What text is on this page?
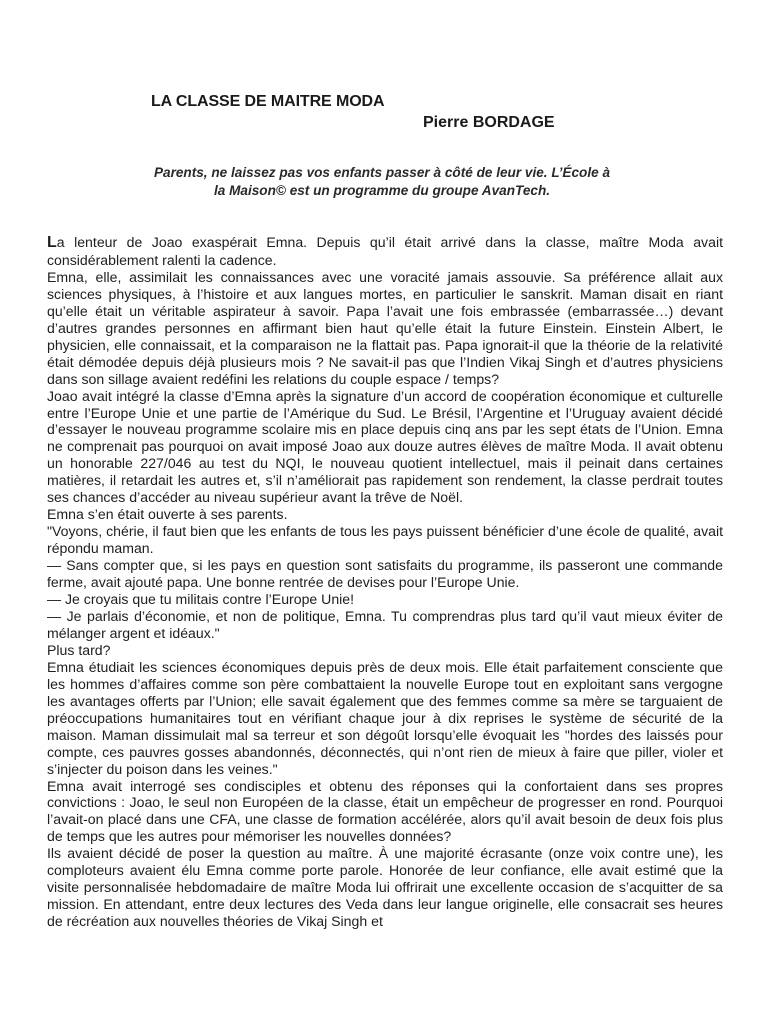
LA CLASSE DE MAITRE MODA
Pierre BORDAGE

Parents, ne laissez pas vos enfants passer à côté de leur vie. L’École à la Maison© est un programme du groupe AvanTech.

La lenteur de Joao exaspérait Emna. Depuis qu’il était arrivé dans la classe, maître Moda avait considérablement ralenti la cadence.

Emna, elle, assimilait les connaissances avec une voracité jamais assouvie. Sa préférence allait aux sciences physiques, à l’histoire et aux langues mortes, en particulier le sanskrit. Maman disait en riant qu’elle était un véritable aspirateur à savoir. Papa l’avait une fois embrassée (embarrassée…) devant d’autres grandes personnes en affirmant bien haut qu’elle était la future Einstein. Einstein Albert, le physicien, elle connaissait, et la comparaison ne la flattait pas. Papa ignorait-il que la théorie de la relativité était démodée depuis déjà plusieurs mois ? Ne savait-il pas que l’Indien Vikaj Singh et d’autres physiciens dans son sillage avaient redéfini les relations du couple espace / temps?

Joao avait intégré la classe d’Emna après la signature d’un accord de coopération économique et culturelle entre l’Europe Unie et une partie de l’Amérique du Sud. Le Brésil, l’Argentine et l’Uruguay avaient décidé d’essayer le nouveau programme scolaire mis en place depuis cinq ans par les sept états de l’Union. Emna ne comprenait pas pourquoi on avait imposé Joao aux douze autres élèves de maître Moda. Il avait obtenu un honorable 227/046 au test du NQI, le nouveau quotient intellectuel, mais il peinait dans certaines matières, il retardait les autres et, s’il n’améliorait pas rapidement son rendement, la classe perdrait toutes ses chances d’accéder au niveau supérieur avant la trêve de Noël.

Emna s’en était ouverte à ses parents.

"Voyons, chérie, il faut bien que les enfants de tous les pays puissent bénéficier d’une école de qualité, avait répondu maman.

— Sans compter que, si les pays en question sont satisfaits du programme, ils passeront une commande ferme, avait ajouté papa. Une bonne rentrée de devises pour l’Europe Unie.

— Je croyais que tu militais contre l’Europe Unie!

— Je parlais d’économie, et non de politique, Emna. Tu comprendras plus tard qu’il vaut mieux éviter de mélanger argent et idéaux."

Plus tard?

Emna étudiait les sciences économiques depuis près de deux mois. Elle était parfaitement consciente que les hommes d’affaires comme son père combattaient la nouvelle Europe tout en exploitant sans vergogne les avantages offerts par l’Union; elle savait également que des femmes comme sa mère se targuaient de préoccupations humanitaires tout en vérifiant chaque jour à dix reprises le système de sécurité de la maison. Maman dissimulait mal sa terreur et son dégoût lorsqu’elle évoquait les "hordes des laissés pour compte, ces pauvres gosses abandonnés, déconnectés, qui n’ont rien de mieux à faire que piller, violer et s’injecter du poison dans les veines."

Emna avait interrogé ses condisciples et obtenu des réponses qui la confortaient dans ses propres convictions : Joao, le seul non Européen de la classe, était un empêcheur de progresser en rond. Pourquoi l’avait-on placé dans une CFA, une classe de formation accélérée, alors qu’il avait besoin de deux fois plus de temps que les autres pour mémoriser les nouvelles données?

Ils avaient décidé de poser la question au maître. À une majorité écrasante (onze voix contre une), les comploteurs avaient élu Emna comme porte parole. Honorée de leur confiance, elle avait estimé que la visite personnalisée hebdomadaire de maître Moda lui offrirait une excellente occasion de s’acquitter de sa mission. En attendant, entre deux lectures des Veda dans leur langue originelle, elle consacrait ses heures de récréation aux nouvelles théories de Vikaj Singh et
